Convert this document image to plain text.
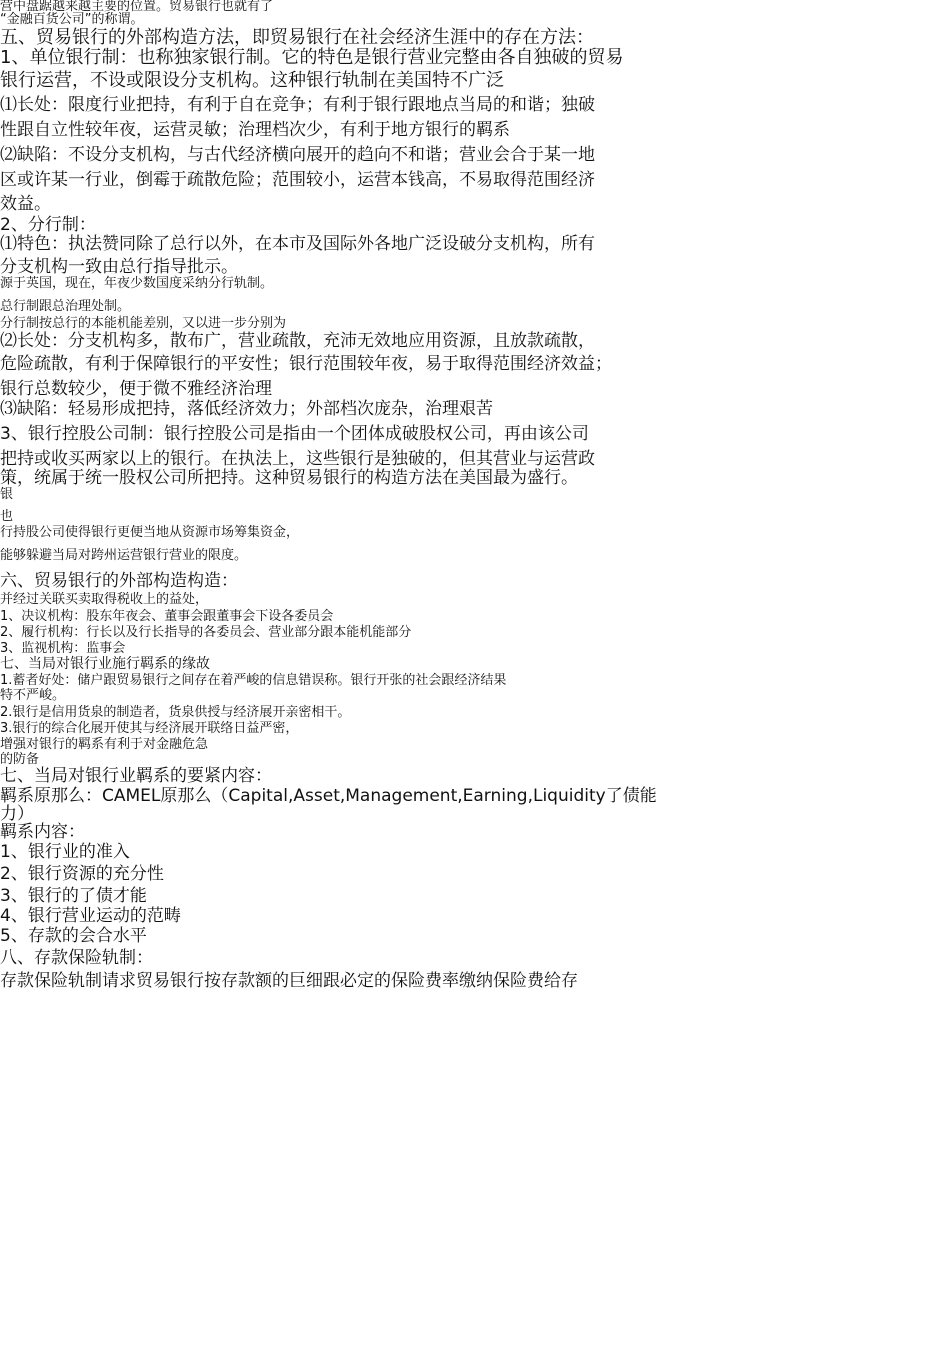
营中盘踞越来越主要的位置。贸易银行也就有了
“金融百货公司”的称谓。
五、贸易银行的外部构造方法，即贸易银行在社会经济生涯中的存在方法：
1、单位银行制：也称独家银行制。它的特色是银行营业完整由各自独破的贸易
银行运营，不设或限设分支机构。这种银行轨制在美国特不广泛
⑴长处：限度行业把持，有利于自在竞争；有利于银行跟地点当局的和谐；独破
性跟自立性较年夜，运营灵敏；治理档次少，有利于地方银行的羁系
⑵缺陷：不设分支机构，与古代经济横向展开的趋向不和谐；营业会合于某一地
区或许某一行业，倒霉于疏散危险；范围较小，运营本钱高，不易取得范围经济
效益。
2、分行制：
⑴特色：执法赞同除了总行以外，在本市及国际外各地广泛设破分支机构，所有
分支机构一致由总行指导批示。
源于英国，现在，年夜少数国度采纳分行轨制。
总行制跟总治理处制。
分行制按总行的本能机能差别，又以进一步分别为
⑵长处：分支机构多，散布广，营业疏散，充沛无效地应用资源，且放款疏散，
危险疏散，有利于保障银行的平安性；银行范围较年夜，易于取得范围经济效益；
银行总数较少，便于微不雅经济治理
⑶缺陷：轻易形成把持，落低经济效力；外部档次庞杂，治理艰苦
3、银行控股公司制：银行控股公司是指由一个团体成破股权公司，再由该公司
把持或收买两家以上的银行。在执法上，这些银行是独破的，但其营业与运营政
策，统属于统一股权公司所把持。这种贸易银行的构造方法在美国最为盛行。
银
也
行持股公司使得银行更便当地从资源市场筹集资金，
能够躲避当局对跨州运营银行营业的限度。
六、贸易银行的外部构造构造：
并经过关联买卖取得税收上的益处，
1、决议机构：股东年夜会、董事会跟董事会下设各委员会
2、履行机构：行长以及行长指导的各委员会、营业部分跟本能机能部分
3、监视机构：监事会
七、当局对银行业施行羁系的缘故
1.蓄者好处：储户跟贸易银行之间存在着严峻的信息错误称。银行开张的社会跟经济结果
特不严峻。
2.银行是信用货泉的制造者，货泉供授与经济展开亲密相干。
3.银行的综合化展开使其与经济展开联络日益严密，
增强对银行的羁系有利于对金融危急
的防备
七、当局对银行业羁系的要紧内容：
羁系原那么：CAMEL原那么（Capital,Asset,Management,Earning,Liquidity了债能
力）
羁系内容：
1、银行业的准入
2、银行资源的充分性
3、银行的了债才能
4、银行营业运动的范畴
5、存款的会合水平
八、存款保险轨制：
存款保险轨制请求贸易银行按存款额的巨细跟必定的保险费率缴纳保险费给存
